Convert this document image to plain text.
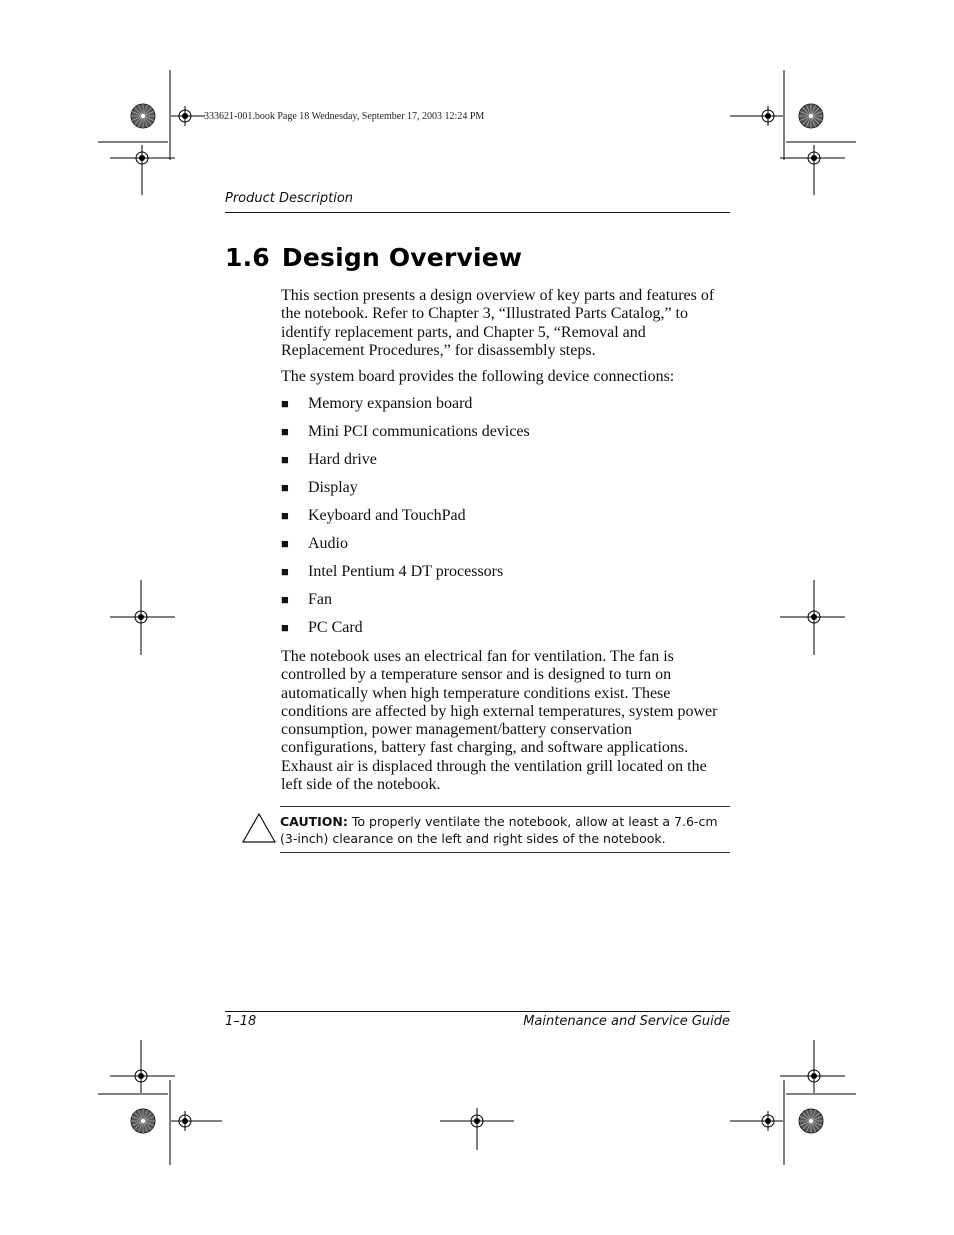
333621-001.book Page 18 Wednesday, September 17, 2003 12:24 PM
Product Description
1.6 Design Overview
This section presents a design overview of key parts and features of the notebook. Refer to Chapter 3, “Illustrated Parts Catalog,” to identify replacement parts, and Chapter 5, “Removal and Replacement Procedures,” for disassembly steps.
The system board provides the following device connections:
■	Memory expansion board
■	Mini PCI communications devices
■	Hard drive
■	Display
■	Keyboard and TouchPad
■	Audio
■	Intel Pentium 4 DT processors
■	Fan
■	PC Card
The notebook uses an electrical fan for ventilation. The fan is controlled by a temperature sensor and is designed to turn on automatically when high temperature conditions exist. These conditions are affected by high external temperatures, system power consumption, power management/battery conservation configurations, battery fast charging, and software applications. Exhaust air is displaced through the ventilation grill located on the left side of the notebook.
CAUTION: To properly ventilate the notebook, allow at least a 7.6-cm (3-inch) clearance on the left and right sides of the notebook.
1–18	Maintenance and Service Guide
